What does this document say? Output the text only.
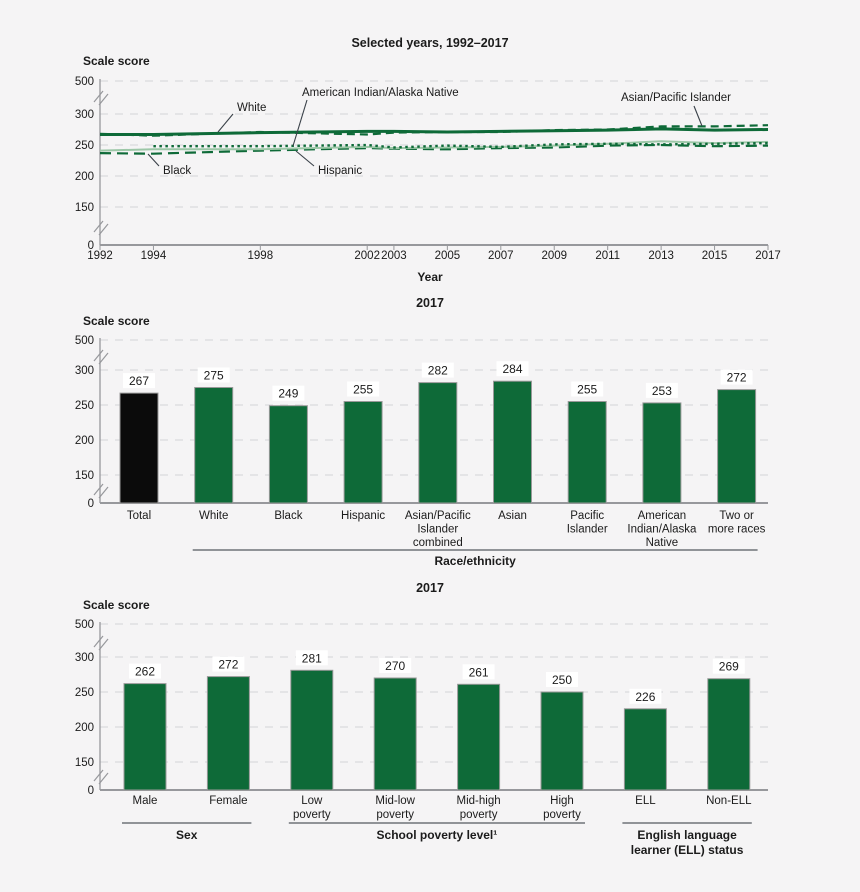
Selected years, 1992–2017
Scale score
Year
2017
Scale score
2017
Scale score
500
300
250
200
150
0
1992 1994	1998	2002 2003 2005 2007 2009 2011 2013 2015 2017
White
American Indian/Alaska Native	Asian/Pacific Islander
Black	Hispanic
500
300
250
200
150
0
267
Total
275
White
249
Black
255
Hispanic
282
Asian/Pacific
Islander
combined
284
Asian
255
Pacific
Islander
253
American
Indian/Alaska
Native
272
Two or
more races
Race/ethnicity
500
300
250
200
150
0
262
Male
272
Female
281
Low
poverty
270
Mid-low
poverty
261
Mid-high
poverty
250
High
poverty
226
ELL
269
Non-ELL
Sex	School poverty level¹	English language
learner (ELL) status
